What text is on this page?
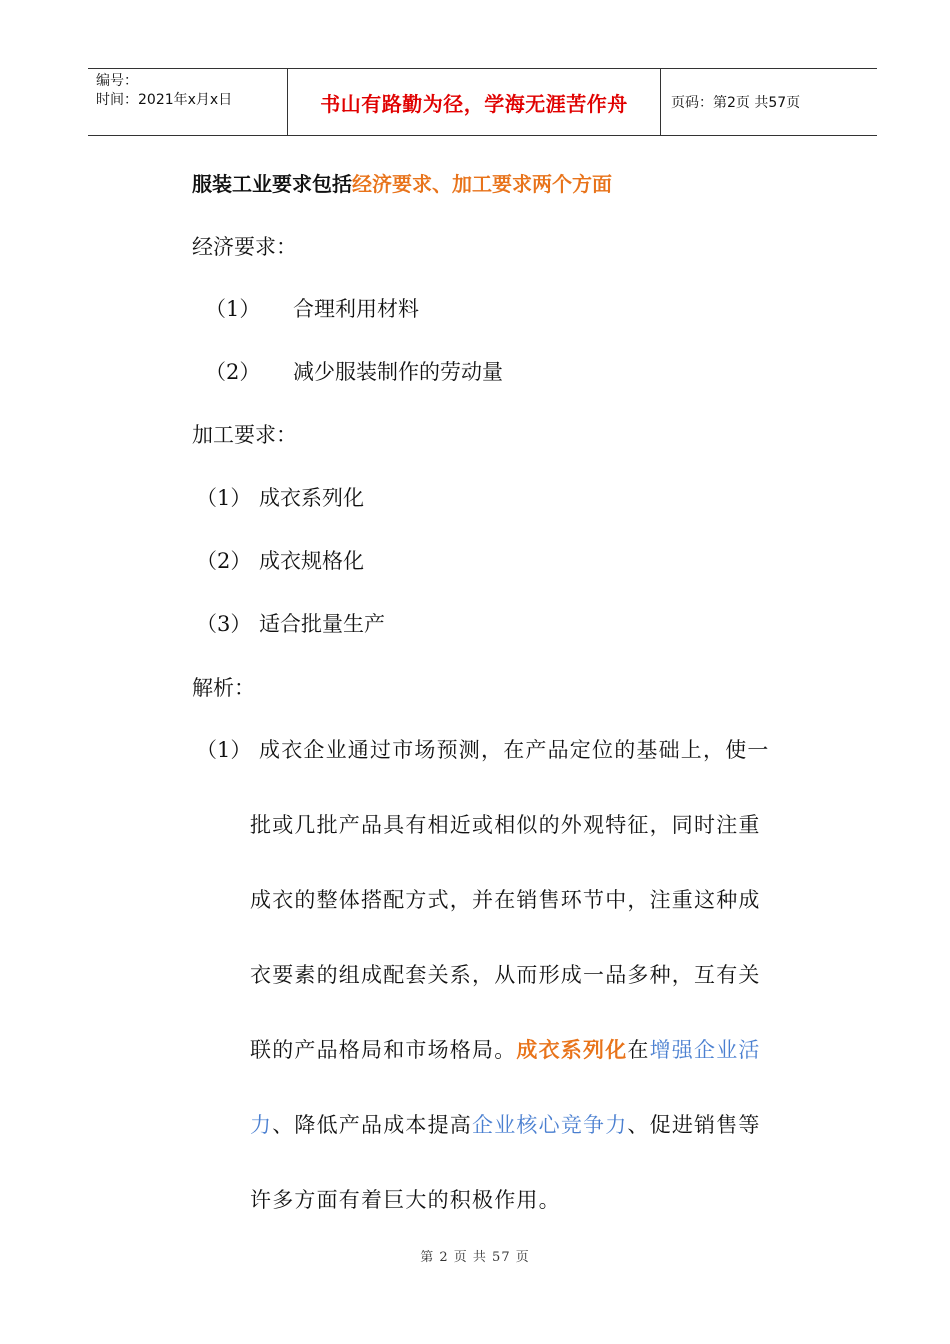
编号：
时间：2021年x月x日	书山有路勤为径，学海无涯苦作舟	页码：第2页 共57页
服装工业要求包括经济要求、加工要求两个方面
经济要求：
（1） 合理利用材料
（2） 减少服装制作的劳动量
加工要求：
（1） 成衣系列化
（2） 成衣规格化
（3） 适合批量生产
解析：
（1） 成衣企业通过市场预测，在产品定位的基础上，使一
批或几批产品具有相近或相似的外观特征，同时注重
成衣的整体搭配方式，并在销售环节中，注重这种成
衣要素的组成配套关系，从而形成一品多种，互有关
联的产品格局和市场格局。成衣系列化在增强企业活
力、降低产品成本提高企业核心竞争力、促进销售等
许多方面有着巨大的积极作用。
第 2 页 共 57 页
